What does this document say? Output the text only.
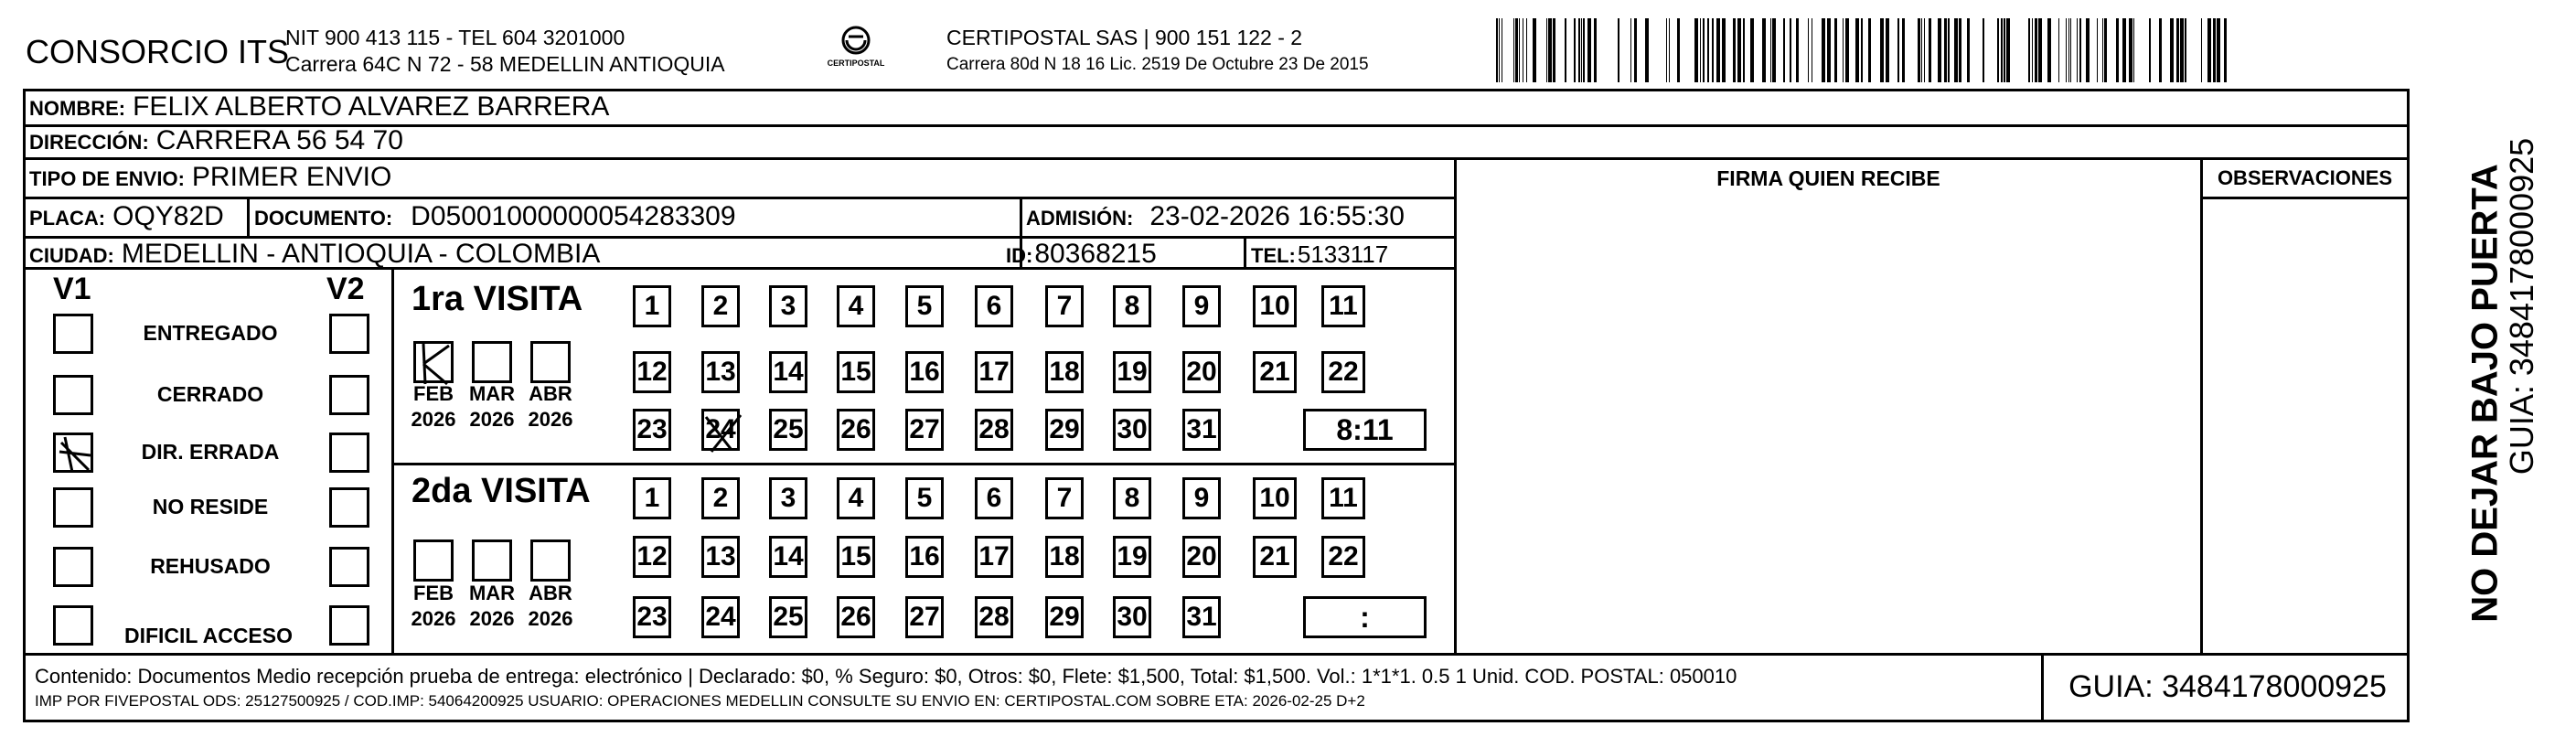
CONSORCIO ITS
NIT 900 413 115 - TEL 604 3201000
Carrera 64C N 72 - 58 MEDELLIN ANTIOQUIA	CERTIPOSTAL
CERTIPOSTAL SAS | 900 151 122 - 2
Carrera 80d N 18 16 Lic. 2519 De Octubre 23 De 2015
NOMBRE: FELIX ALBERTO ALVAREZ BARRERA
DIRECCIÓN: CARRERA 56 54 70
TIPO DE ENVIO: PRIMER ENVIO
PLACA: OQY82D DOCUMENTO: D05001000000054283309	ADMISIÓN: 23-02-2026 16:55:30
CIUDAD: MEDELLIN - ANTIOQUIA - COLOMBIA	ID: 80368215	TEL: 5133117
FIRMA QUIEN RECIBE	OBSERVACIONES
V1	V2
ENTREGADO
CERRADO
DIR. ERRADA
NO RESIDE
REHUSADO
DIFICIL ACCESO
1ra VISITA
2da VISITA
FEB
2026
MAR
2026
ABR
2026
1 2 3 4 5 6 7 8 9 10 11
12 13 14 15 16 17 18 19 20 21 22
23 24 25 26 27 28 29 30 31	8:11
FEB
2026
MAR
2026
ABR
2026
1 2 3 4 5 6 7 8 9 10 11
12 13 14 15 16 17 18 19 20 21 22
23 24 25 26 27 28 29 30 31	:
Contenido: Documentos Medio recepción prueba de entrega: electrónico | Declarado: $0, % Seguro: $0, Otros: $0, Flete: $1,500, Total: $1,500. Vol.: 1*1*1. 0.5 1 Unid. COD. POSTAL: 050010
IMP POR FIVEPOSTAL ODS: 25127500925 / COD.IMP: 54064200925 USUARIO: OPERACIONES MEDELLIN CONSULTE SU ENVIO EN: CERTIPOSTAL.COM SOBRE ETA: 2026-02-25 D+2	GUIA: 3484178000925
NO DEJAR BAJO PUERTA
GUIA: 3484178000925
